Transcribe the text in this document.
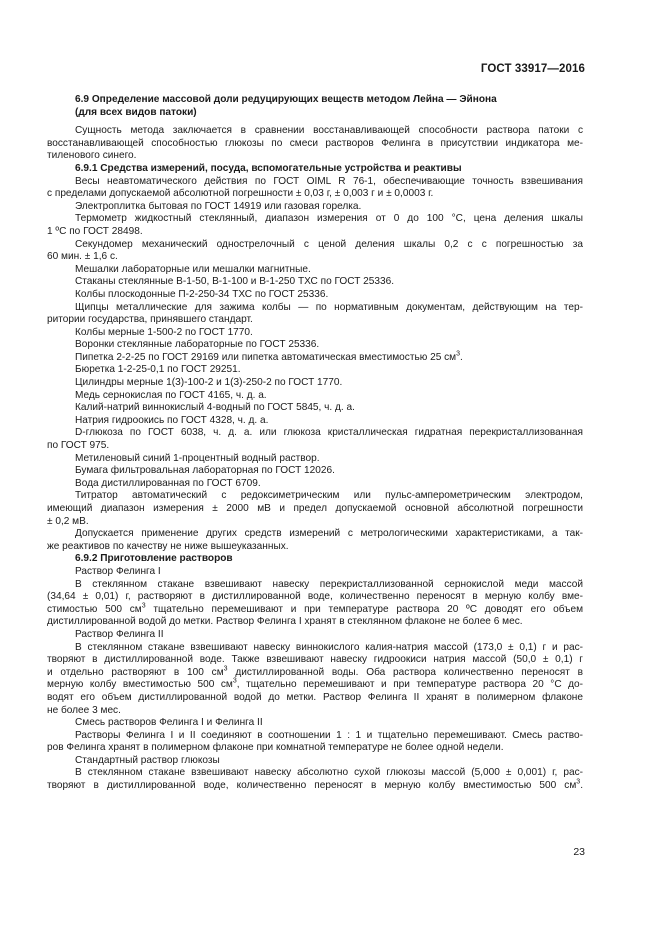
ГОСТ 33917—2016

6.9 Определение массовой доли редуцирующих веществ методом Лейна — Эйнона

(для всех видов патоки)

Сущность метода заключается в сравнении восстанавливающей способности раствора патоки с

восстанавливающей способностью глюкозы по смеси растворов Фелинга в присутствии индикатора ме-

тиленового синего.

6.9.1 Средства измерений, посуда, вспомогательные устройства и реактивы

Весы неавтоматического действия по ГОСТ OIML R 76-1, обеспечивающие точность взвешивания

с пределами допускаемой абсолютной погрешности ± 0,03 г, ± 0,003 г и ± 0,0003 г.

Электроплитка бытовая по ГОСТ 14919 или газовая горелка.

Термометр жидкостный стеклянный, диапазон измерения от 0 до 100 °С, цена деления шкалы

1 ºС по ГОСТ 28498.

Секундомер механический однострелочный с ценой деления шкалы 0,2 с с погрешностью за

60 мин. ± 1,6 с.

Мешалки лабораторные или мешалки магнитные.

Стаканы стеклянные В-1-50, В-1-100 и В-1-250 ТХС по ГОСТ 25336.

Колбы плоскодонные П-2-250-34 ТХС по ГОСТ 25336.

Щипцы металлические для зажима колбы — по нормативным документам, действующим на тер-

ритории государства, принявшего стандарт.

Колбы мерные 1-500-2 по ГОСТ 1770.

Воронки стеклянные лабораторные по ГОСТ 25336.

Пипетка 2-2-25 по ГОСТ 29169 или пипетка автоматическая вместимостью 25 $см^3$.

Бюретка 1-2-25-0,1 по ГОСТ 29251.

Цилиндры мерные 1(3)-100-2 и 1(3)-250-2 по ГОСТ 1770.

Медь сернокислая по ГОСТ 4165, ч. д. а.

Калий-натрий виннокислый 4-водный по ГОСТ 5845, ч. д. а.

Натрия гидроокись по ГОСТ 4328, ч. д. а.

D-глюкоза по ГОСТ 6038, ч. д. а. или глюкоза кристаллическая гидратная перекристаллизованная

по ГОСТ 975.

Метиленовый синий 1-процентный водный раствор.

Бумага фильтровальная лабораторная по ГОСТ 12026.

Вода дистиллированная по ГОСТ 6709.

Титратор автоматический с редоксиметрическим или пульс-амперометрическим электродом,

имеющий диапазон измерения ± 2000 мВ и предел допускаемой основной абсолютной погрешности

± 0,2 мВ.

Допускается применение других средств измерений с метрологическими характеристиками, а так-

же реактивов по качеству не ниже вышеуказанных.

6.9.2 Приготовление растворов

Раствор Фелинга I

В стеклянном стакане взвешивают навеску перекристаллизованной сернокислой меди массой

(34,64 ± 0,01) г, растворяют в дистиллированной воде, количественно переносят в мерную колбу вме-

стимостью 500 $см^3$ тщательно перемешивают и при температуре раствора 20 ºС доводят его объем

дистиллированной водой до метки. Раствор Фелинга I хранят в стеклянном флаконе не более 6 мес.

Раствор Фелинга II

В стеклянном стакане взвешивают навеску виннокислого калия-натрия массой (173,0 ± 0,1) г и рас-

творяют в дистиллированной воде. Также взвешивают навеску гидроокиси натрия массой (50,0 ± 0,1) г

и отдельно растворяют в 100 $см^3$ дистиллированной воды. Оба раствора количественно переносят в

мерную колбу вместимостью 500 $см^3$, тщательно перемешивают и при температуре раствора 20 °С до-

водят его объем дистиллированной водой до метки. Раствор Фелинга II хранят в полимерном флаконе

не более 3 мес.

Смесь растворов Фелинга I и Фелинга II

Растворы Фелинга I и II соединяют в соотношении 1 : 1 и тщательно перемешивают. Смесь раство-

ров Фелинга хранят в полимерном флаконе при комнатной температуре не более одной недели.

Стандартный раствор глюкозы

В стеклянном стакане взвешивают навеску абсолютно сухой глюкозы массой (5,000 ± 0,001) г, рас-

творяют в дистиллированной воде, количественно переносят в мерную колбу вместимостью 500 $см^3$.

23
